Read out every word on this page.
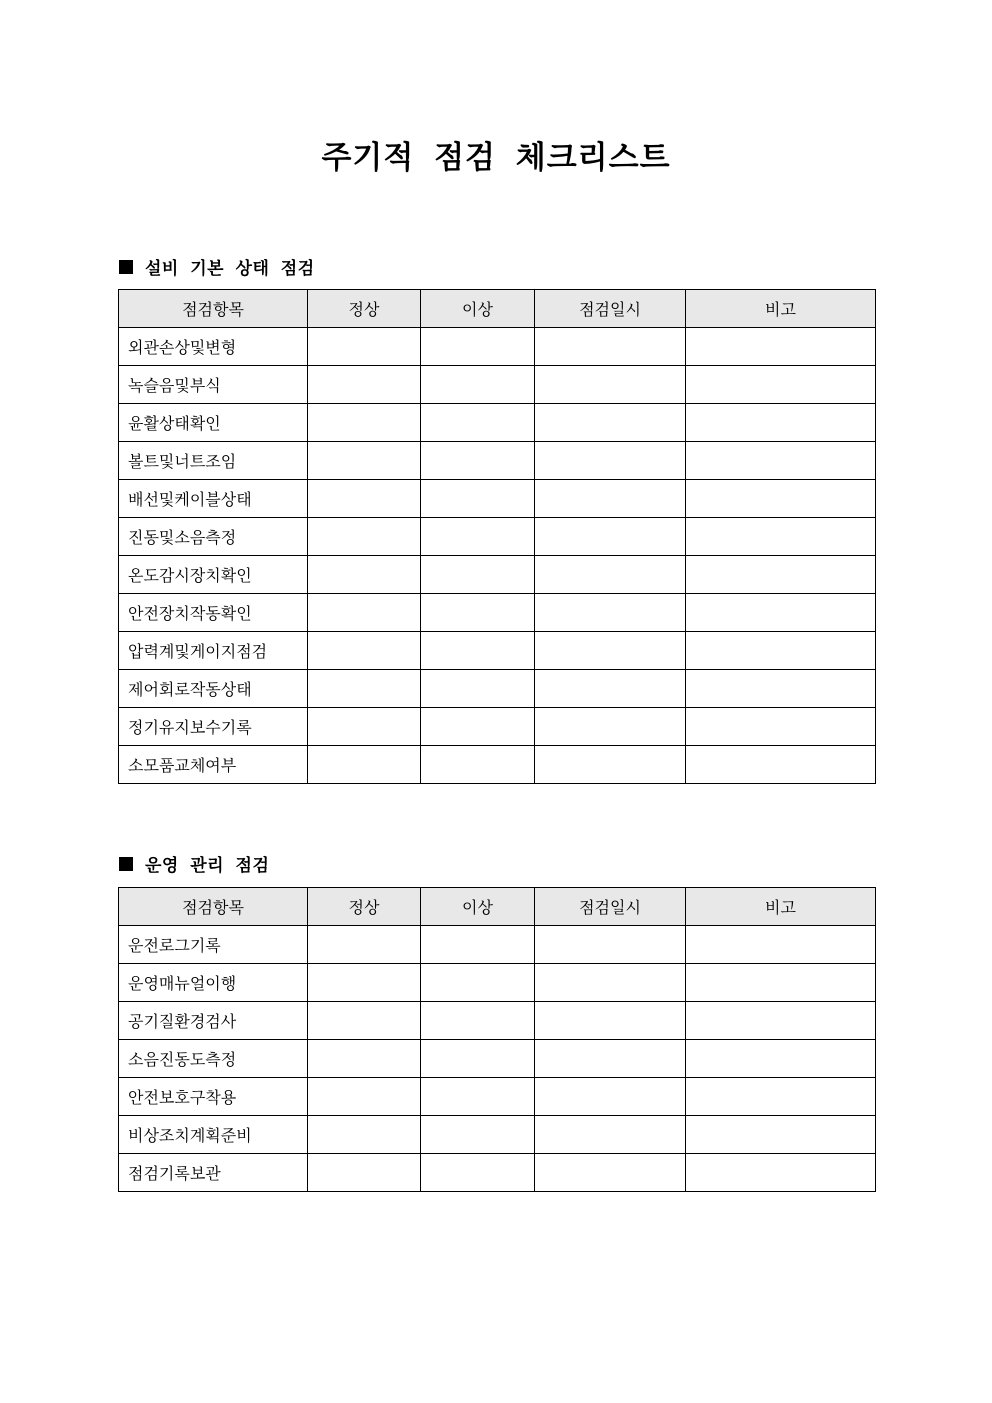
주기적 점검 체크리스트
설비 기본 상태 점검
점검항목	정상	이상	점검일시	비고
외관손상및변형				
녹슬음및부식				
윤활상태확인				
볼트및너트조임				
배선및케이블상태				
진동및소음측정				
온도감시장치확인				
안전장치작동확인				
압력계및게이지점검				
제어회로작동상태				
정기유지보수기록				
소모품교체여부				
운영 관리 점검
점검항목	정상	이상	점검일시	비고
운전로그기록				
운영매뉴얼이행				
공기질환경검사				
소음진동도측정				
안전보호구착용				
비상조치계획준비				
점검기록보관				
